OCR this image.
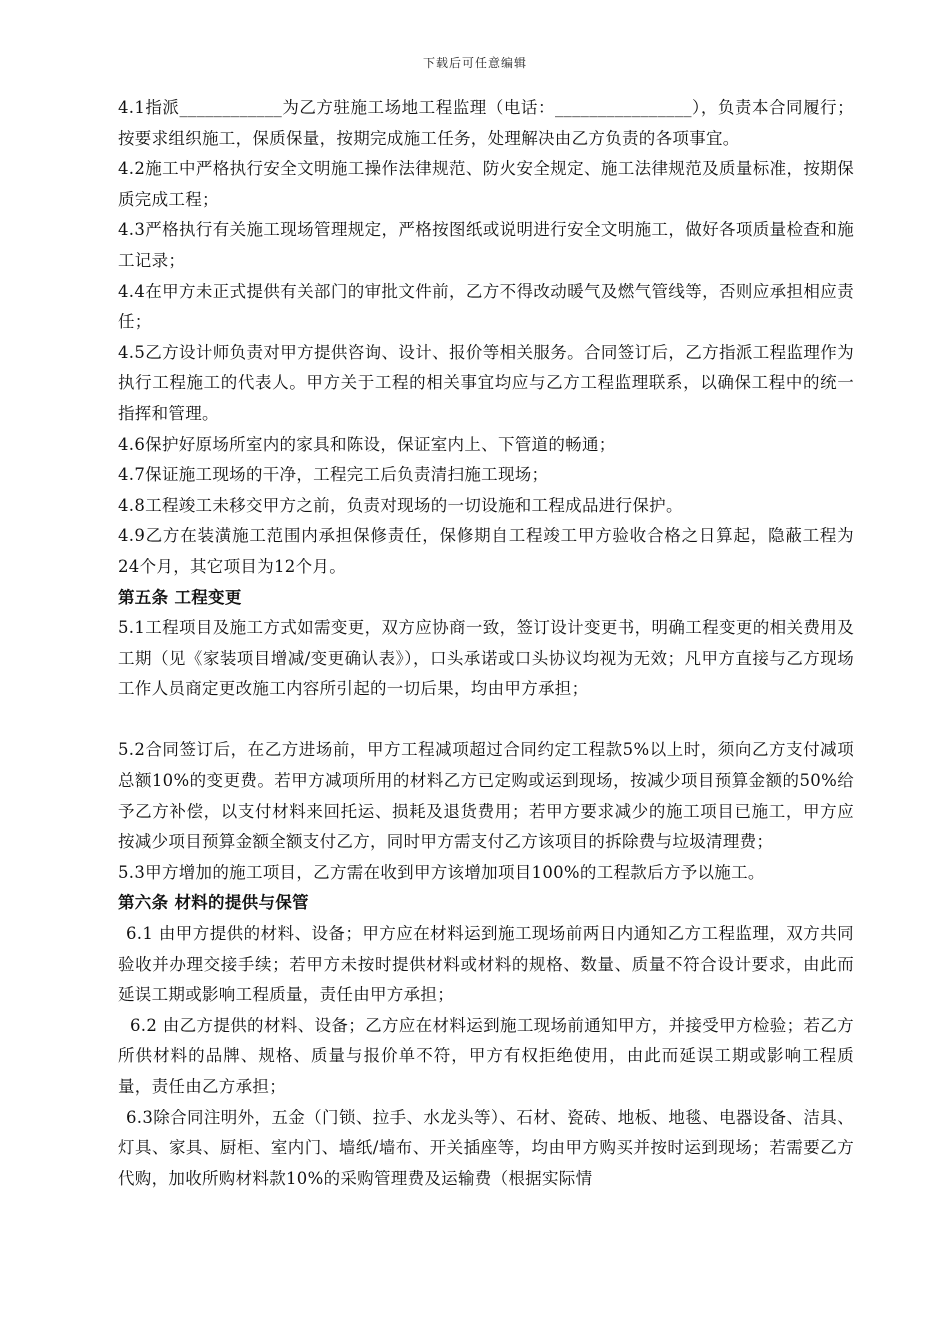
下载后可任意编辑

4.1指派____________为乙方驻施工场地工程监理（电话：________________），负责本合同履行；按要求组织施工，保质保量，按期完成施工任务，处理解决由乙方负责的各项事宜。

4.2施工中严格执行安全文明施工操作法律规范、防火安全规定、施工法律规范及质量标准，按期保质完成工程；

4.3严格执行有关施工现场管理规定，严格按图纸或说明进行安全文明施工，做好各项质量检查和施工记录；

4.4在甲方未正式提供有关部门的审批文件前，乙方不得改动暖气及燃气管线等，否则应承担相应责任；

4.5乙方设计师负责对甲方提供咨询、设计、报价等相关服务。合同签订后，乙方指派工程监理作为执行工程施工的代表人。甲方关于工程的相关事宜均应与乙方工程监理联系，以确保工程中的统一指挥和管理。

4.6保护好原场所室内的家具和陈设，保证室内上、下管道的畅通；

4.7保证施工现场的干净，工程完工后负责清扫施工现场；

4.8工程竣工未移交甲方之前，负责对现场的一切设施和工程成品进行保护。

4.9乙方在装潢施工范围内承担保修责任，保修期自工程竣工甲方验收合格之日算起，隐蔽工程为24个月，其它项目为12个月。

第五条 工程变更

5.1工程项目及施工方式如需变更，双方应协商一致，签订设计变更书，明确工程变更的相关费用及工期（见《家装项目增减/变更确认表》），口头承诺或口头协议均视为无效；凡甲方直接与乙方现场工作人员商定更改施工内容所引起的一切后果，均由甲方承担；

5.2合同签订后，在乙方进场前，甲方工程减项超过合同约定工程款5%以上时，须向乙方支付减项总额10%的变更费。若甲方减项所用的材料乙方已定购或运到现场，按减少项目预算金额的50%给予乙方补偿，以支付材料来回托运、损耗及退货费用；若甲方要求减少的施工项目已施工，甲方应按减少项目预算金额全额支付乙方，同时甲方需支付乙方该项目的拆除费与垃圾清理费；

5.3甲方增加的施工项目，乙方需在收到甲方该增加项目100%的工程款后方予以施工。

第六条 材料的提供与保管

6.1 由甲方提供的材料、设备；甲方应在材料运到施工现场前两日内通知乙方工程监理，双方共同验收并办理交接手续；若甲方未按时提供材料或材料的规格、数量、质量不符合设计要求，由此而延误工期或影响工程质量，责任由甲方承担；

6.2 由乙方提供的材料、设备；乙方应在材料运到施工现场前通知甲方，并接受甲方检验；若乙方所供材料的品牌、规格、质量与报价单不符，甲方有权拒绝使用，由此而延误工期或影响工程质量，责任由乙方承担；

6.3除合同注明外，五金（门锁、拉手、水龙头等）、石材、瓷砖、地板、地毯、电器设备、洁具、灯具、家具、厨柜、室内门、墙纸/墙布、开关插座等，均由甲方购买并按时运到现场；若需要乙方代购，加收所购材料款10%的采购管理费及运输费（根据实际情
